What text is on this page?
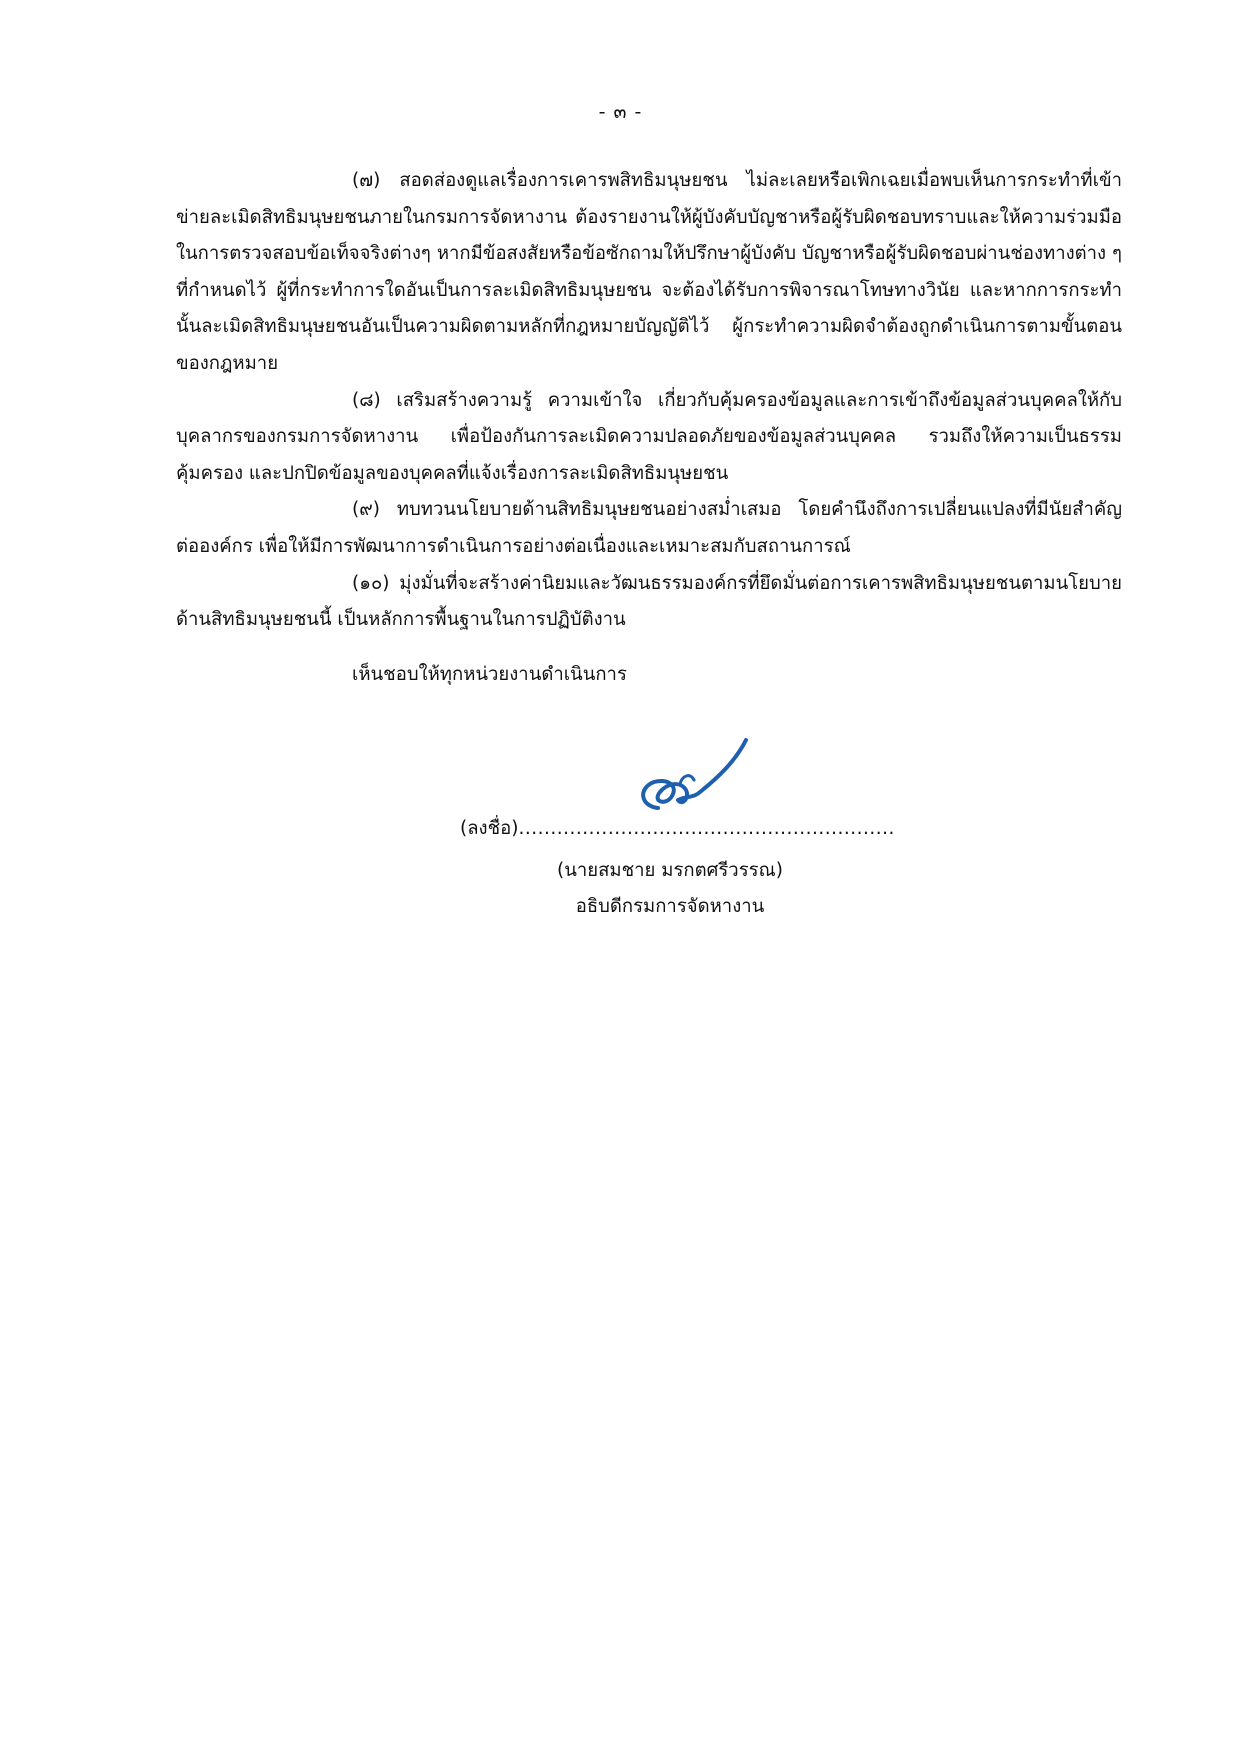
- ๓ -

(๗) สอดส่องดูแลเรื่องการเคารพสิทธิมนุษยชน ไม่ละเลยหรือเพิกเฉยเมื่อพบเห็นการกระทำที่เข้าข่ายละเมิดสิทธิมนุษยชนภายในกรมการจัดหางาน ต้องรายงานให้ผู้บังคับบัญชาหรือผู้รับผิดชอบทราบและให้ความร่วมมือในการตรวจสอบข้อเท็จจริงต่างๆ หากมีข้อสงสัยหรือข้อซักถามให้ปรึกษาผู้บังคับ บัญชาหรือผู้รับผิดชอบผ่านช่องทางต่าง ๆ ที่กำหนดไว้ ผู้ที่กระทำการใดอันเป็นการละเมิดสิทธิมนุษยชน จะต้องได้รับการพิจารณาโทษทางวินัย และหากการกระทำนั้นละเมิดสิทธิมนุษยชนอันเป็นความผิดตามหลักที่กฎหมายบัญญัติไว้ ผู้กระทำความผิดจำต้องถูกดำเนินการตามขั้นตอนของกฎหมาย

(๘) เสริมสร้างความรู้ ความเข้าใจ เกี่ยวกับคุ้มครองข้อมูลและการเข้าถึงข้อมูลส่วนบุคคลให้กับบุคลากรของกรมการจัดหางาน เพื่อป้องกันการละเมิดความปลอดภัยของข้อมูลส่วนบุคคล รวมถึงให้ความเป็นธรรม คุ้มครอง และปกปิดข้อมูลของบุคคลที่แจ้งเรื่องการละเมิดสิทธิมนุษยชน

(๙) ทบทวนนโยบายด้านสิทธิมนุษยชนอย่างสม่ำเสมอ โดยคำนึงถึงการเปลี่ยนแปลงที่มีนัยสำคัญ ต่อองค์กร เพื่อให้มีการพัฒนาการดำเนินการอย่างต่อเนื่องและเหมาะสมกับสถานการณ์

(๑๐) มุ่งมั่นที่จะสร้างค่านิยมและวัฒนธรรมองค์กรที่ยึดมั่นต่อการเคารพสิทธิมนุษยชนตามนโยบายด้านสิทธิมนุษยชนนี้ เป็นหลักการพื้นฐานในการปฏิบัติงาน

เห็นชอบให้ทุกหน่วยงานดำเนินการ
(ลงชื่อ)...........................................................
(นายสมชาย มรกตศรีวรรณ)
อธิบดีกรมการจัดหางาน
